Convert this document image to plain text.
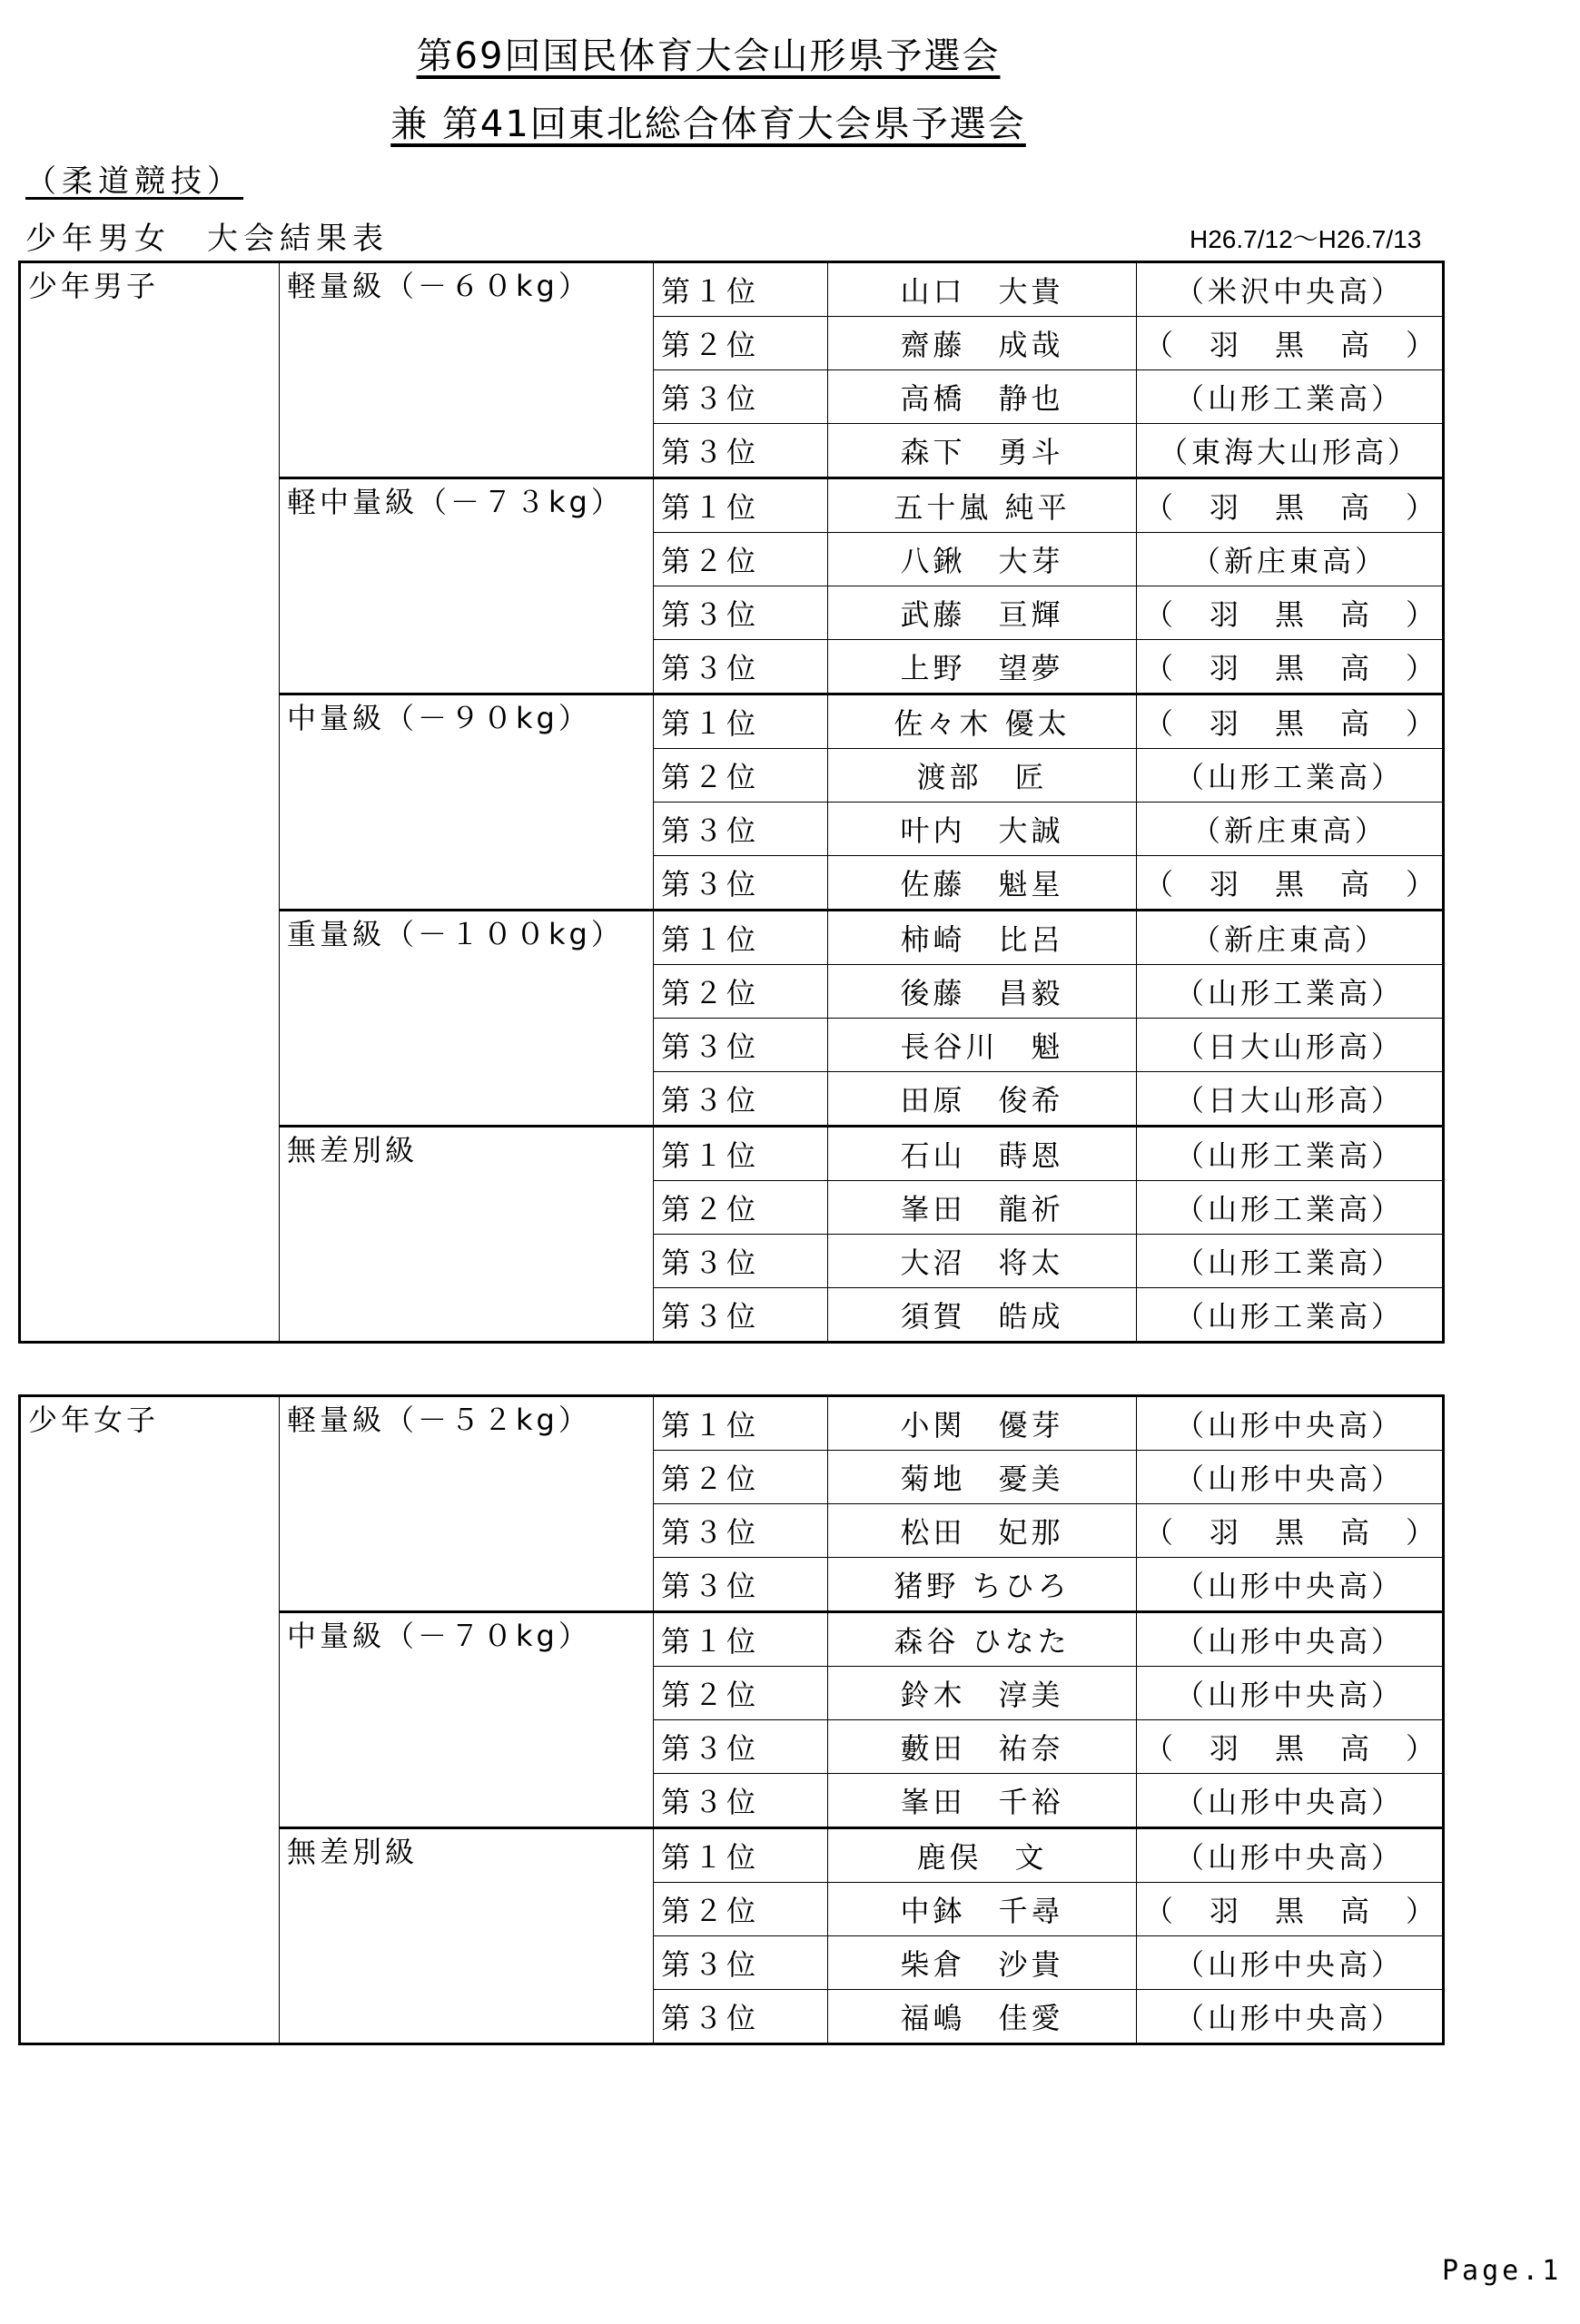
第69回国民体育大会山形県予選会
兼 第41回東北総合体育大会県予選会
（柔道競技）
少年男女　大会結果表	H26.7/12～H26.7/13
少年男子	軽量級（－６０kg）	第１位	山口　大貴	（米沢中央高）
		第２位	齋藤　成哉	（　羽　黒　高　）
		第３位	高橋　静也	（山形工業高）
		第３位	森下　勇斗	（東海大山形高）
	軽中量級（－７３kg）	第１位	五十嵐 純平	（　羽　黒　高　）
		第２位	八鍬　大芽	（新庄東高）
		第３位	武藤　亘輝	（　羽　黒　高　）
		第３位	上野　望夢	（　羽　黒　高　）
	中量級（－９０kg）	第１位	佐々木 優太	（　羽　黒　高　）
		第２位	渡部　匠	（山形工業高）
		第３位	叶内　大誠	（新庄東高）
		第３位	佐藤　魁星	（　羽　黒　高　）
	重量級（－１００kg）	第１位	柿崎　比呂	（新庄東高）
		第２位	後藤　昌毅	（山形工業高）
		第３位	長谷川　魁	（日大山形高）
		第３位	田原　俊希	（日大山形高）
	無差別級	第１位	石山　蒔恩	（山形工業高）
		第２位	峯田　龍祈	（山形工業高）
		第３位	大沼　将太	（山形工業高）
		第３位	須賀　皓成	（山形工業高）
少年女子	軽量級（－５２kg）	第１位	小関　優芽	（山形中央高）
		第２位	菊地　憂美	（山形中央高）
		第３位	松田　妃那	（　羽　黒　高　）
		第３位	猪野 ちひろ	（山形中央高）
	中量級（－７０kg）	第１位	森谷 ひなた	（山形中央高）
		第２位	鈴木　淳美	（山形中央高）
		第３位	藪田　祐奈	（　羽　黒　高　）
		第３位	峯田　千裕	（山形中央高）
	無差別級	第１位	鹿俣　文	（山形中央高）
		第２位	中鉢　千尋	（　羽　黒　高　）
		第３位	柴倉　沙貴	（山形中央高）
		第３位	福嶋　佳愛	（山形中央高）
Page.1
